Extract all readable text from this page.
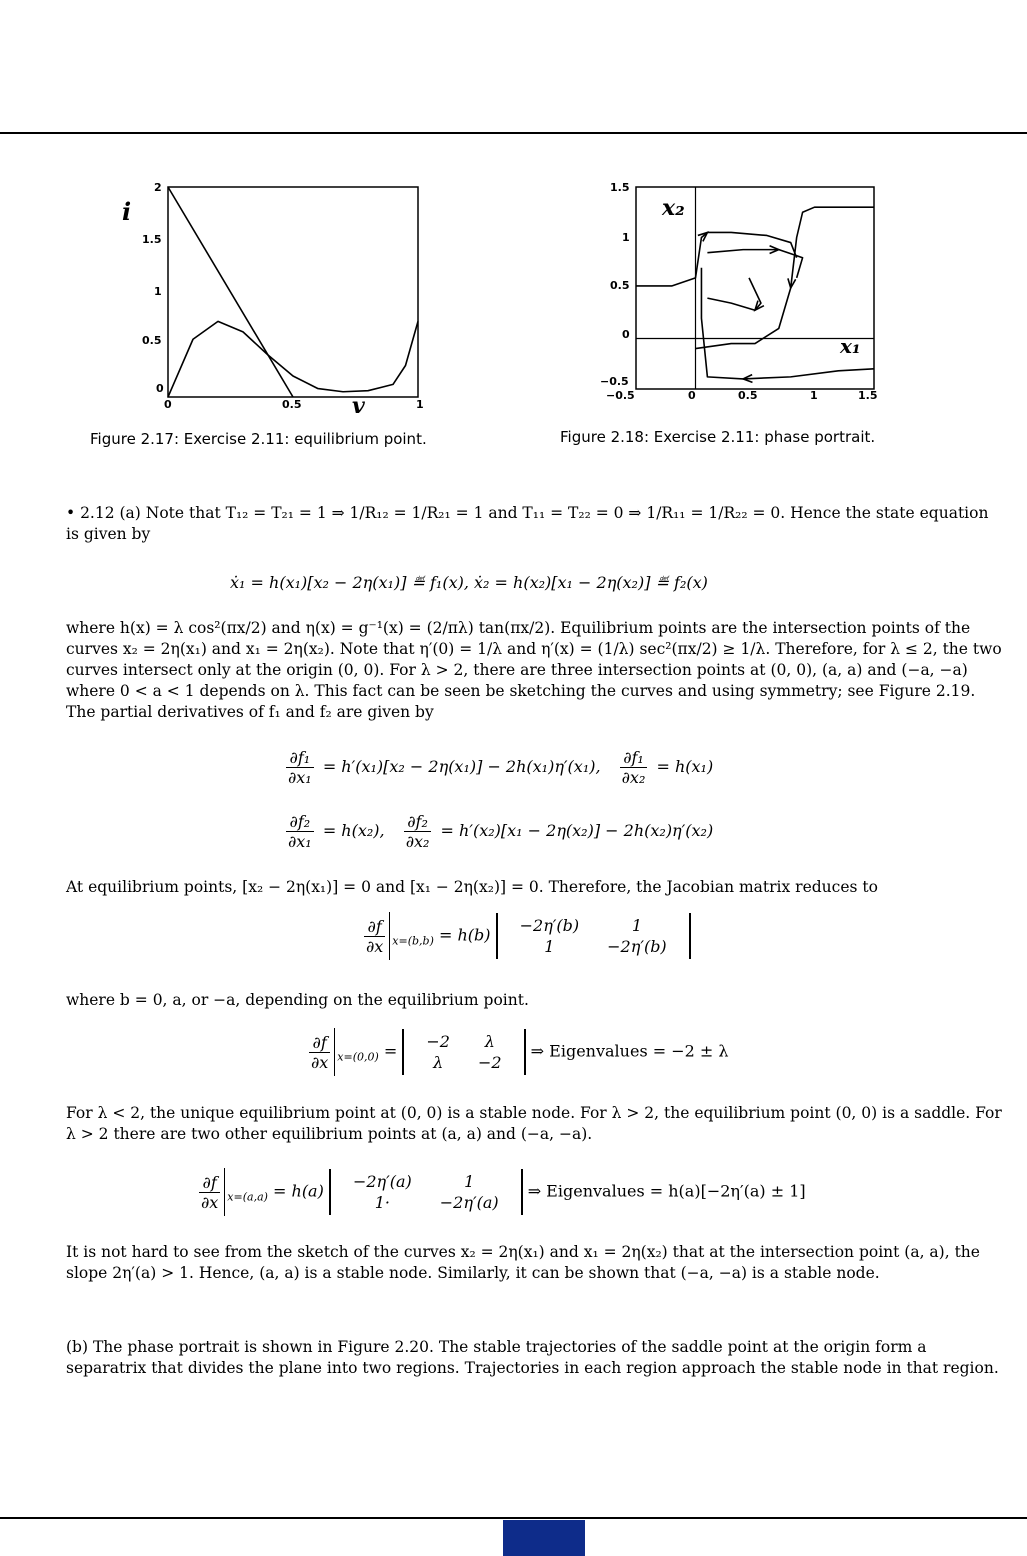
2
1.5
1
0.5
0
0	0.5	1
i
v
Figure 2.17: Exercise 2.11: equilibrium point.
1.5
1
0.5
0
−0.5
−0.5	0	0.5	1	1.5
x₂
x₁
Figure 2.18: Exercise 2.11: phase portrait.
• 2.12 (a) Note that T₁₂ = T₂₁ = 1 ⇒ 1/R₁₂ = 1/R₂₁ = 1 and T₁₁ = T₂₂ = 0 ⇒ 1/R₁₁ = 1/R₂₂ = 0. Hence the state equation is given by
ẋ₁ = h(x₁)[x₂ − 2η(x₁)] ≝ f₁(x), ẋ₂ = h(x₂)[x₁ − 2η(x₂)] ≝ f₂(x)
where h(x) = λ cos²(πx/2) and η(x) = g⁻¹(x) = (2/πλ) tan(πx/2). Equilibrium points are the intersection points of the curves x₂ = 2η(x₁) and x₁ = 2η(x₂). Note that η′(0) = 1/λ and η′(x) = (1/λ) sec²(πx/2) ≥ 1/λ. Therefore, for λ ≤ 2, the two curves intersect only at the origin (0, 0). For λ > 2, there are three intersection points at (0, 0), (a, a) and (−a, −a) where 0 < a < 1 depends on λ. This fact can be seen be sketching the curves and using symmetry; see Figure 2.19. The partial derivatives of f₁ and f₂ are given by
$\frac{\text{∂f₁}}{\text{∂x₁}} = h'(x_1)[x_2 - 2\eta(x_1)] - 2h(x_1)\eta'(x_1)$, $\frac{\text{∂f₁}}{\text{∂x₂}} = h(x_1)$
$\frac{\text{∂f₂}}{\text{∂x₁}} = h(x_2)$, $\frac{\text{∂f₂}}{\text{∂x₂}} = h'(x_2)[x_1 - 2\eta(x_2)] - 2h(x_2)\eta'(x_2)$
At equilibrium points, [x₂ − 2η(x₁)] = 0 and [x₁ − 2η(x₂)] = 0. Therefore, the Jacobian matrix reduces to
$\frac{\partial f}{\partial x} _{x=(b,b)} = h(b) -2\eta'(b)$	1
1	−2η′(b)
where b = 0, a, or −a, depending on the equilibrium point.
$\frac{\partial f}{\partial x} _{x=(0,0)} = -2$	λ
λ	−2
⇒ Eigenvalues = −2 ± λ
For λ < 2, the unique equilibrium point at (0, 0) is a stable node. For λ > 2, the equilibrium point (0, 0) is a saddle. For λ > 2 there are two other equilibrium points at (a, a) and (−a, −a).
$\frac{\partial f}{\partial x} _{x=(a,a)} = h(a) -2\eta'(a)$	1
1·	−2η′(a)
⇒ Eigenvalues = h(a)[−2η′(a) ± 1]
It is not hard to see from the sketch of the curves x₂ = 2η(x₁) and x₁ = 2η(x₂) that at the intersection point (a, a), the slope 2η′(a) > 1. Hence, (a, a) is a stable node. Similarly, it can be shown that (−a, −a) is a stable node.
(b) The phase portrait is shown in Figure 2.20. The stable trajectories of the saddle point at the origin form a separatrix that divides the plane into two regions. Trajectories in each region approach the stable node in that region.
